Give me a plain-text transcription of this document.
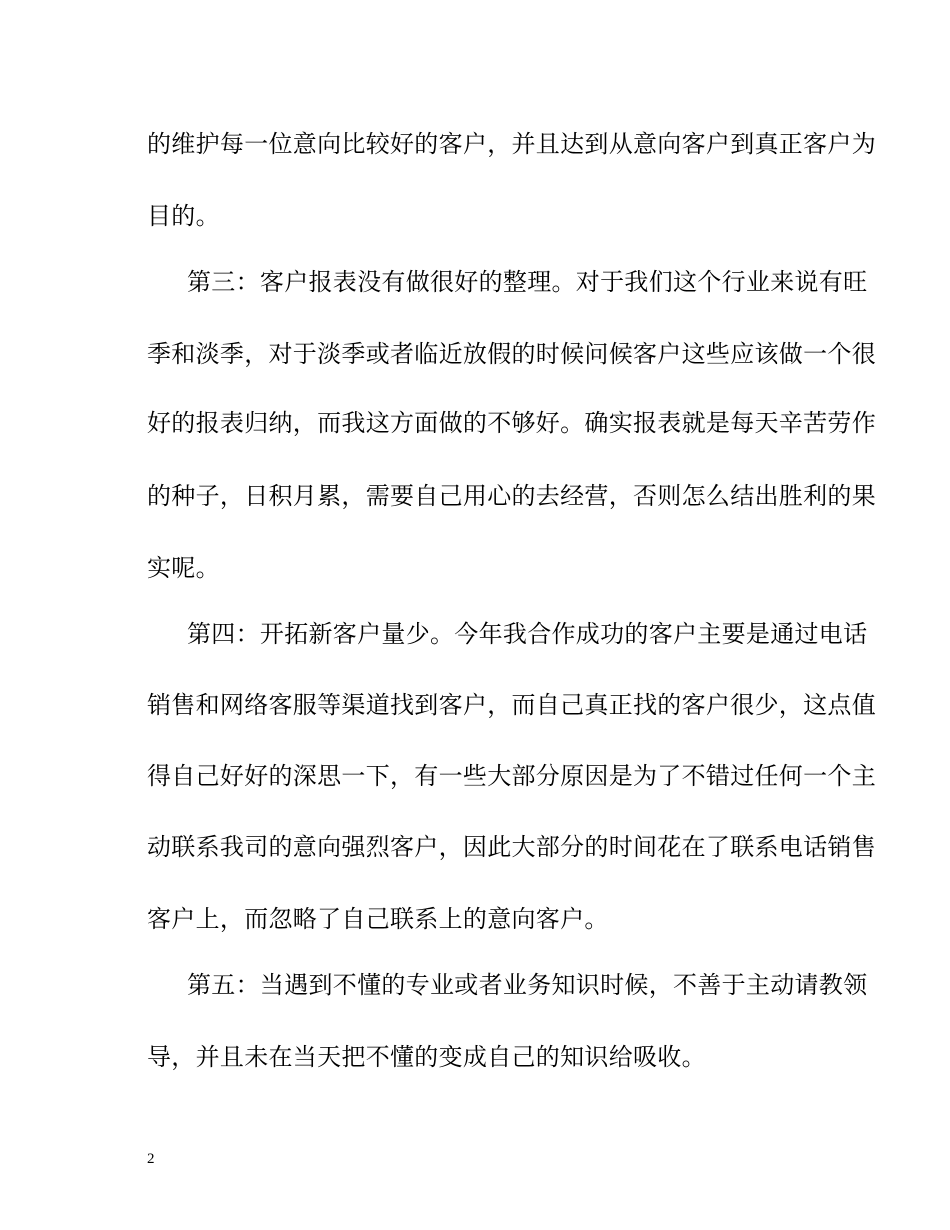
的维护每一位意向比较好的客户，并且达到从意向客户到真正客户为
目的。
第三：客户报表没有做很好的整理。对于我们这个行业来说有旺
季和淡季，对于淡季或者临近放假的时候问候客户这些应该做一个很
好的报表归纳，而我这方面做的不够好。确实报表就是每天辛苦劳作
的种子，日积月累，需要自己用心的去经营，否则怎么结出胜利的果
实呢。
第四：开拓新客户量少。今年我合作成功的客户主要是通过电话
销售和网络客服等渠道找到客户，而自己真正找的客户很少，这点值
得自己好好的深思一下，有一些大部分原因是为了不错过任何一个主
动联系我司的意向强烈客户，因此大部分的时间花在了联系电话销售
客户上，而忽略了自己联系上的意向客户。
第五：当遇到不懂的专业或者业务知识时候，不善于主动请教领
导，并且未在当天把不懂的变成自己的知识给吸收。
2
